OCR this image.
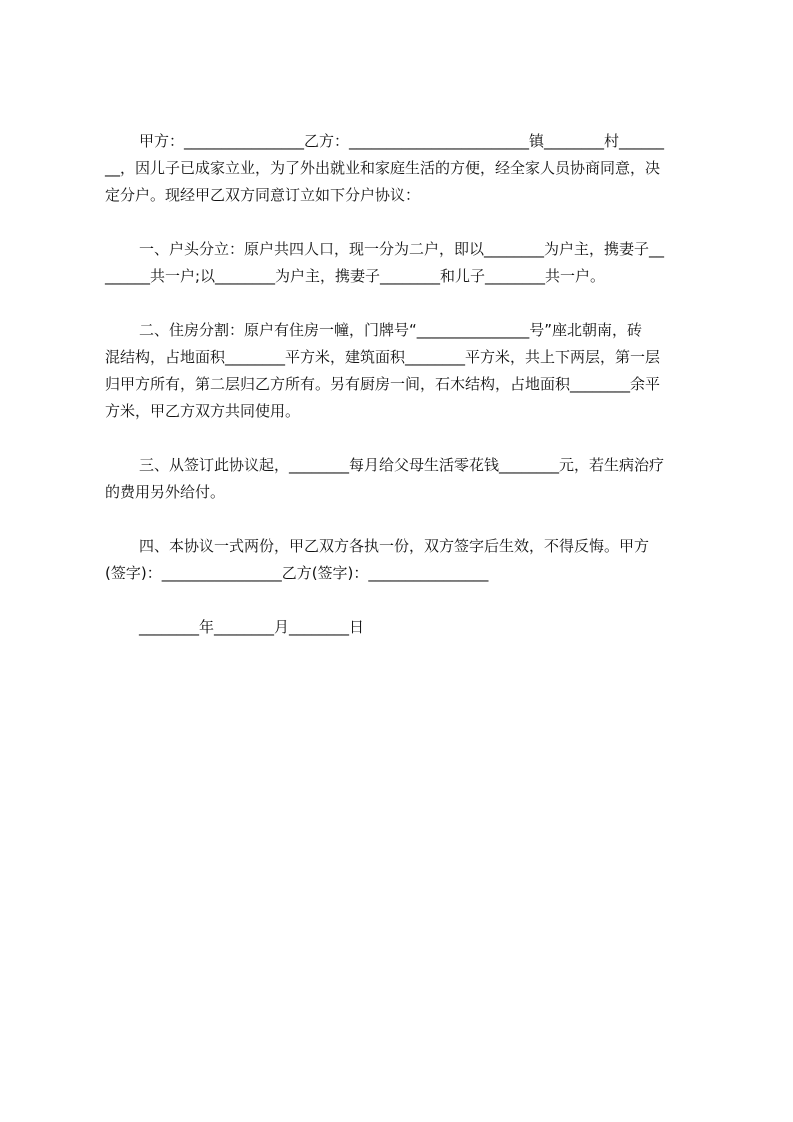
甲方：________________乙方：________________________镇________村______
__，因儿子已成家立业，为了外出就业和家庭生活的方便，经全家人员协商同意，决
定分户。现经甲乙双方同意订立如下分户协议：

一、户头分立：原户共四人口，现一分为二户，即以________为户主，携妻子__
______共一户;以________为户主，携妻子________和儿子________共一户。

二、住房分割：原户有住房一幢，门牌号“_______________号”座北朝南，砖
混结构，占地面积________平方米，建筑面积________平方米，共上下两层，第一层
归甲方所有，第二层归乙方所有。另有厨房一间，石木结构，占地面积________余平
方米，甲乙方双方共同使用。

三、从签订此协议起，________每月给父母生活零花钱________元，若生病治疗
的费用另外给付。

四、本协议一式两份，甲乙双方各执一份，双方签字后生效，不得反悔。甲方
(签字)：________________乙方(签字)：________________

________年________月________日
